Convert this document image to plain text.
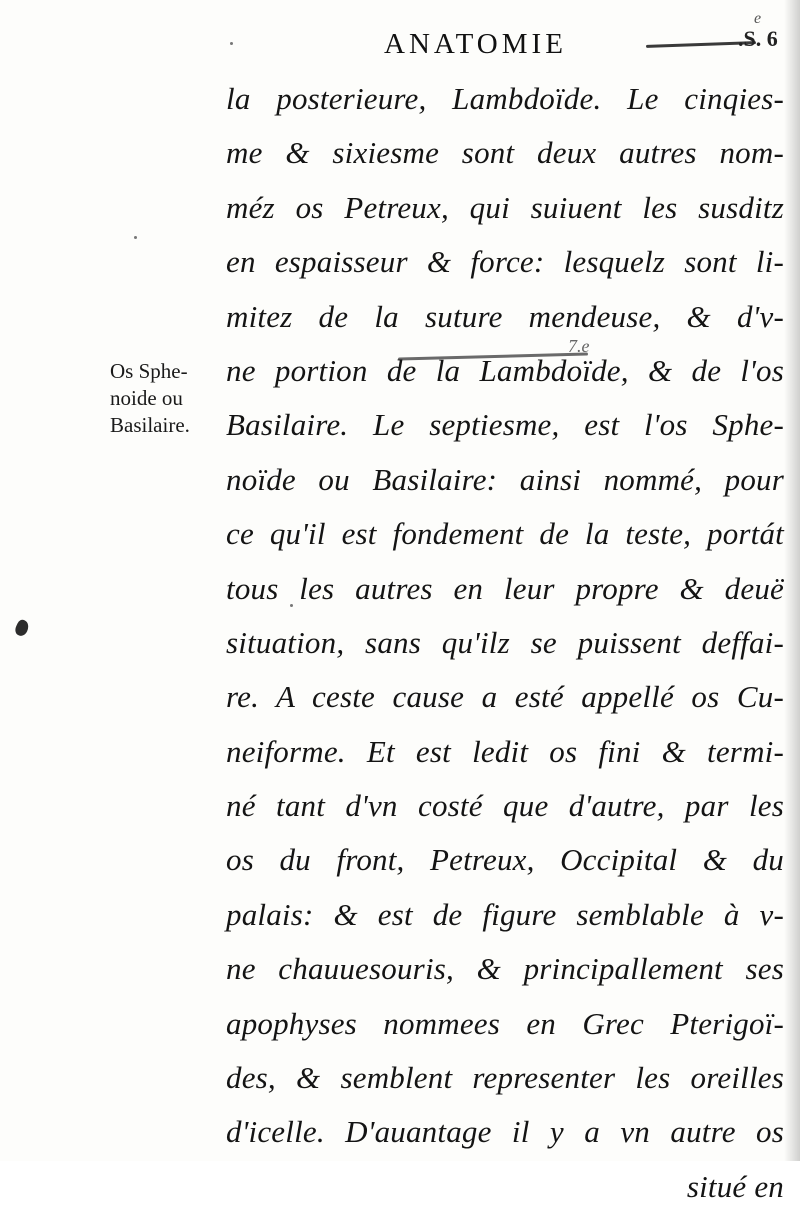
ANATOMIE	.S. 6
e
Os Sphe-
noide ou
Basilaire.
7.e
la posterieure, Lambdoïde. Le cinqies-
me & sixiesme sont deux autres nom-
méz os Petreux, qui suiuent les susditz
en espaisseur & force: lesquelz sont li-
mitez de la suture mendeuse, & d'v-
ne portion de la Lambdoïde, & de l'os
Basilaire. Le septiesme, est l'os Sphe-
noïde ou Basilaire: ainsi nommé, pour
ce qu'il est fondement de la teste, portát
tous les autres en leur propre & deuë
situation, sans qu'ilz se puissent deffai-
re. A ceste cause a esté appellé os Cu-
neiforme. Et est ledit os fini & termi-
né tant d'vn costé que d'autre, par les
os du front, Petreux, Occipital & du
palais: & est de figure semblable à v-
ne chauuesouris, & principallement ses
apophyses nommees en Grec Pterigoï-
des, & semblent representer les oreilles
d'icelle. D'auantage il y a vn autre os
situé en
